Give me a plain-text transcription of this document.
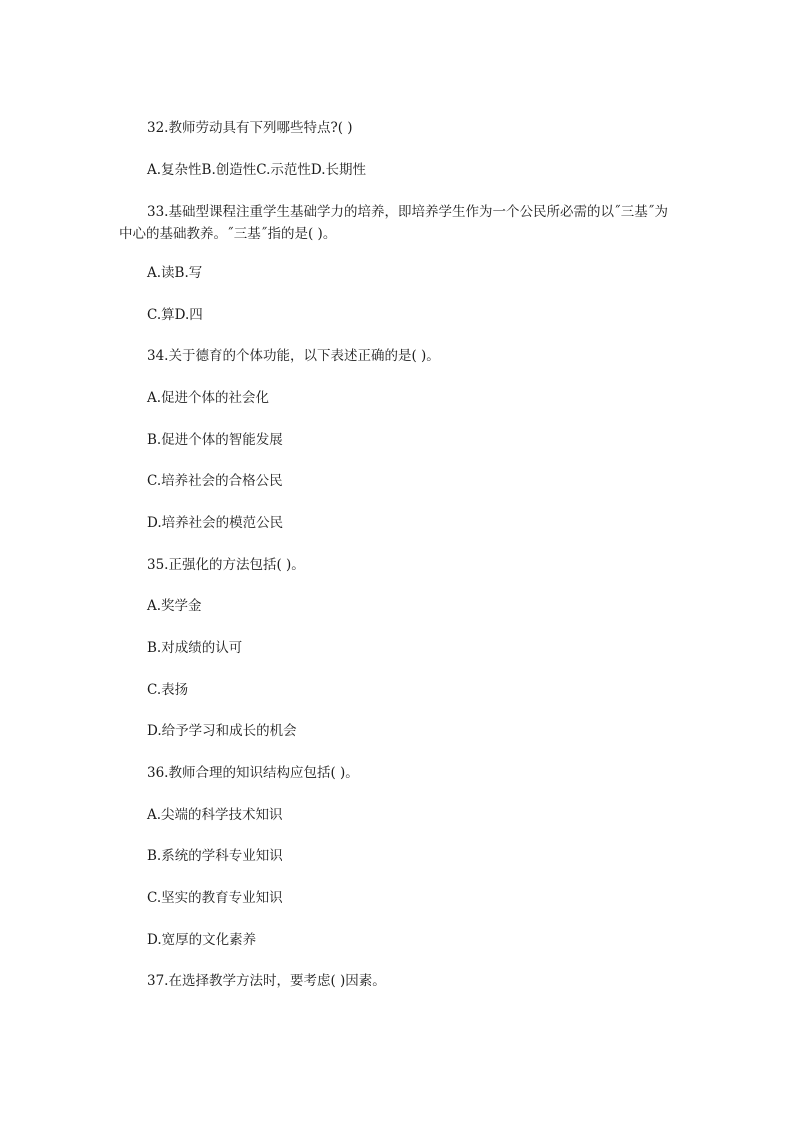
32.教师劳动具有下列哪些特点?( )
A.复杂性B.创造性C.示范性D.长期性
33.基础型课程注重学生基础学力的培养，即培养学生作为一个公民所必需的以˝三基˝为中心的基础教养。˝三基˝指的是( )。
A.读B.写
C.算D.四
34.关于德育的个体功能，以下表述正确的是( )。
A.促进个体的社会化
B.促进个体的智能发展
C.培养社会的合格公民
D.培养社会的模范公民
35.正强化的方法包括( )。
A.奖学金
B.对成绩的认可
C.表扬
D.给予学习和成长的机会
36.教师合理的知识结构应包括( )。
A.尖端的科学技术知识
B.系统的学科专业知识
C.坚实的教育专业知识
D.宽厚的文化素养
37.在选择教学方法时，要考虑( )因素。
